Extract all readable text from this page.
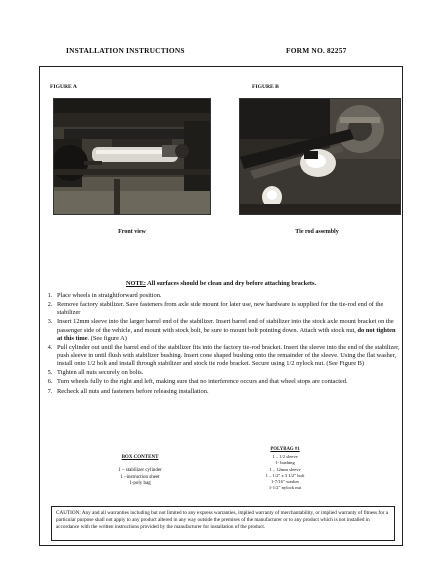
INSTALLATION INSTRUCTIONS	FORM NO. 82257
FIGURE A	FIGURE B
Front view	Tie rod assembly
NOTE: All surfaces should be clean and dry before attaching brackets.
1. Place wheels in straightforward position.
2. Remove factory stabilizer. Save fasteners from axle side mount for later use, new hardware is supplied for the tie-rod end of the stabilizer
3. Insert 12mm sleeve into the larger barrel end of the stabilizer. Insert barrel end of stabilizer into the stock axle mount bracket on the passenger side of the vehicle, and mount with stock bolt, be sure to mount bolt pointing down. Attach with stock nut, do not tighten at this time. (See figure A)
4. Pull cylinder out until the barrel end of the stabilizer fits into the factory tie-rod bracket. Insert the sleeve into the end of the stabilizer, push sleeve in until flush with stabilizer bushing. Insert cone shaped bushing onto the remainder of the sleeve. Using the flat washer, install onto 1/2 bolt and install through stabilizer and stock tie rode bracket. Secure using 1/2 nylock nut. (See Figure B)
5. Tighten all nuts securely on bolts.
6. Turn wheels fully to the right and left, making sure that no interference occurs and that wheel stops are contacted.
7. Recheck all nuts and fasteners before releasing installation.
BOX CONTENT
1 – stabilizer cylinder
1 –instruction sheet
1-poly bag
POLYBAG #1
1 – 1/2 sleeve
1- bushing
1 – 12mm sleeve
1 – 1/2" x 3 1/2" bolt
1-7/16" washer
1-1/2" nylock nut
CAUTION: Any and all warranties including but not limited to any express warranties, implied warranty of merchantability, or implied warranty of fitness for a particular purpose shall not apply to any product altered in any way outside the premises of the manufacturer or to any product which is not installed in accordance with the written instructions provided by the manufacturer for installation of the product.
